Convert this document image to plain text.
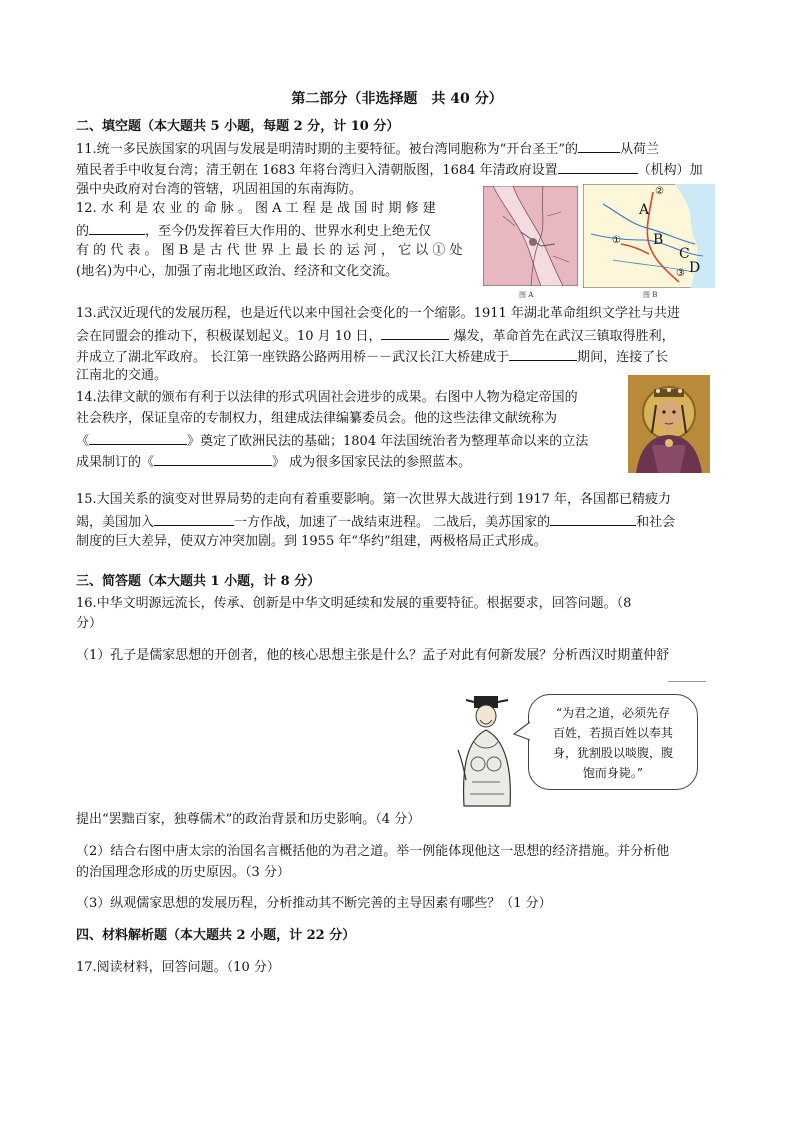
第二部分（非选择题　共 40 分）
二、填空题（本大题共 5 小题，每题 2 分，计 10 分）
11.统一多民族国家的巩固与发展是明清时期的主要特征。被台湾同胞称为“开台圣王”的	从荷兰
殖民者手中收复台湾；清王朝在 1683 年将台湾归入清朝版图，1684 年清政府设置	（机构）加
强中央政府对台湾的管辖，巩固祖国的东南海防。
12. 水 利 是 农 业 的 命 脉 。 图 A 工 程 是 战 国 时 期 修 建
的	，至今仍发挥着巨大作用的、世界水利史上绝无仅
有 的 代 表 。 图 B 是 古 代 世 界 上 最 长 的 运 河 ， 它 以 ① 处
(地名)为中心，加强了南北地区政治、经济和文化交流。
图 A
②
A
① B
C
D
③
图 B
13.武汉近现代的发展历程，也是近代以来中国社会变化的一个缩影。1911 年湖北革命组织文学社与共进
会在同盟会的推动下，积极谋划起义。10 月 10 日，	爆发，革命首先在武汉三镇取得胜利，
并成立了湖北军政府。 长江第一座铁路公路两用桥－－武汉长江大桥建成于	期间，连接了长
江南北的交通。
14.法律文献的颁布有利于以法律的形式巩固社会进步的成果。右图中人物为稳定帝国的
社会秩序，保证皇帝的专制权力，组建成法律编纂委员会。他的这些法律文献统称为
《	》奠定了欧洲民法的基础；1804 年法国统治者为整理革命以来的立法
成果制订的《	》 成为很多国家民法的参照蓝本。
15.大国关系的演变对世界局势的走向有着重要影响。第一次世界大战进行到 1917 年，各国都已精疲力
竭，美国加入	一方作战，加速了一战结束进程。 二战后，美苏国家的	和社会
制度的巨大差异，使双方冲突加剧。到 1955 年“华约”组建，两极格局正式形成。
三、简答题（本大题共 1 小题，计 8 分）
16.中华文明源远流长，传承、创新是中华文明延续和发展的重要特征。根据要求，回答问题。（8
分）
（1）孔子是儒家思想的开创者，他的核心思想主张是什么？孟子对此有何新发展？分析西汉时期董仲舒
“为君之道，必须先存
百姓，若损百姓以奉其
身，犹割股以啖腹，腹
饱而身毙。”
提出“罢黜百家，独尊儒术”的政治背景和历史影响。（4 分）
（2）结合右图中唐太宗的治国名言概括他的为君之道。举一例能体现他这一思想的经济措施。并分析他
的治国理念形成的历史原因。（3 分）
（3）纵观儒家思想的发展历程，分析推动其不断完善的主导因素有哪些？（1 分）
四、材料解析题（本大题共 2 小题，计 22 分）
17.阅读材料，回答问题。（10 分）
